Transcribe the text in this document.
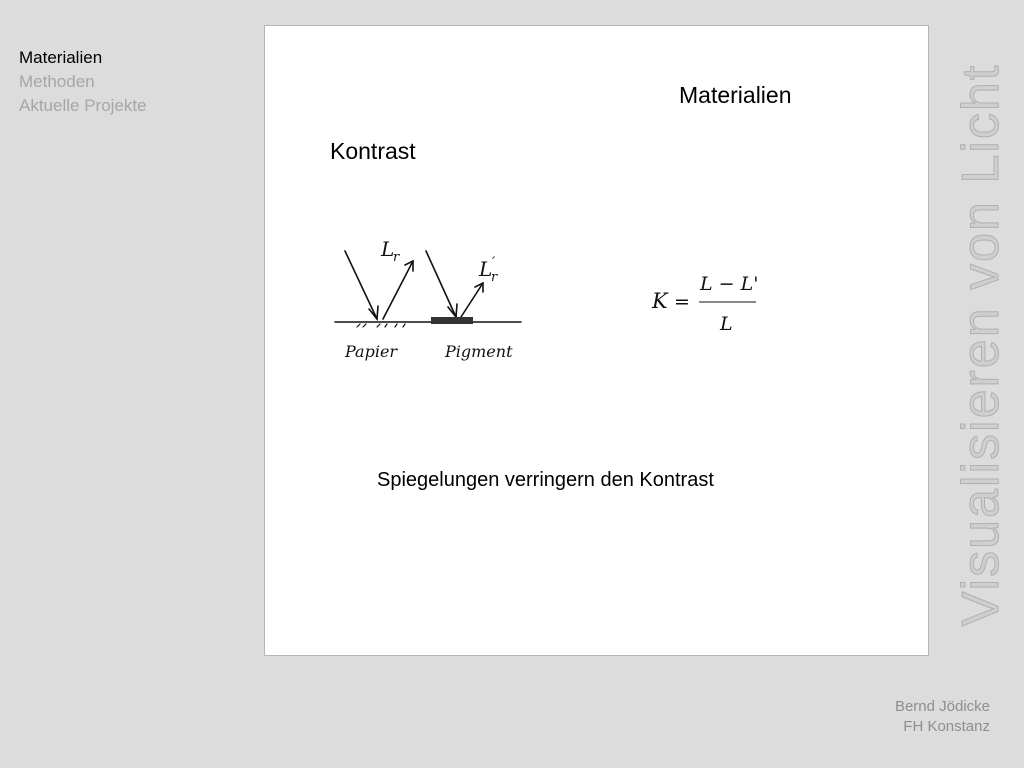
Materialien
Methoden
Aktuelle Projekte	Materialien
Kontrast
L
r	L
r
′
Papier	Pigment
K =
L − L'
L
Spiegelungen verringern den Kontrast	Visualisieren von Licht
Bernd Jödicke
FH Konstanz
